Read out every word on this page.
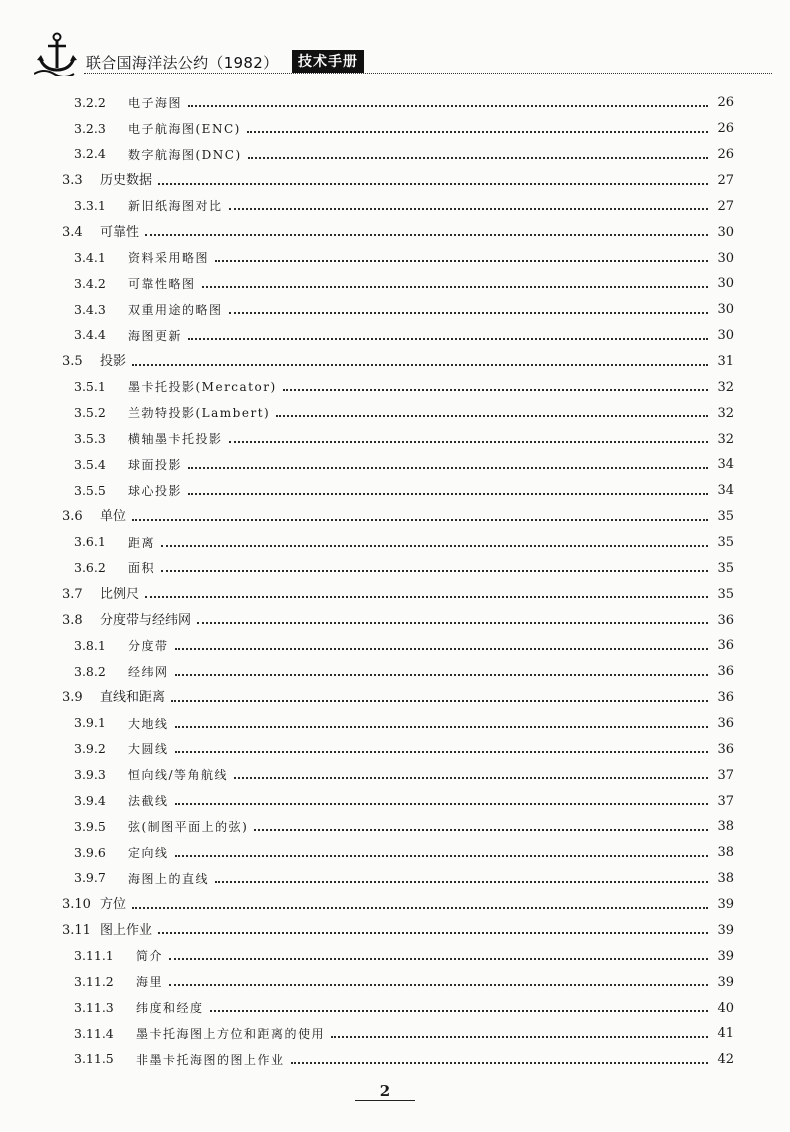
联合国海洋法公约（1982）	技术手册
3.2.2	电子海图	26
3.2.3	电子航海图(ENC)	26
3.2.4	数字航海图(DNC)	26
3.3	历史数据	27
3.3.1	新旧纸海图对比	27
3.4	可靠性	30
3.4.1	资料采用略图	30
3.4.2	可靠性略图	30
3.4.3	双重用途的略图	30
3.4.4	海图更新	30
3.5	投影	31
3.5.1	墨卡托投影(Mercator)	32
3.5.2	兰勃特投影(Lambert)	32
3.5.3	横轴墨卡托投影	32
3.5.4	球面投影	34
3.5.5	球心投影	34
3.6	单位	35
3.6.1	距离	35
3.6.2	面积	35
3.7	比例尺	35
3.8	分度带与经纬网	36
3.8.1	分度带	36
3.8.2	经纬网	36
3.9	直线和距离	36
3.9.1	大地线	36
3.9.2	大圆线	36
3.9.3	恒向线/等角航线	37
3.9.4	法截线	37
3.9.5	弦(制图平面上的弦)	38
3.9.6	定向线	38
3.9.7	海图上的直线	38
3.10 方位	39
3.11 图上作业	39
3.11.1	简介	39
3.11.2	海里	39
3.11.3	纬度和经度	40
3.11.4	墨卡托海图上方位和距离的使用	41
3.11.5	非墨卡托海图的图上作业	42
2
